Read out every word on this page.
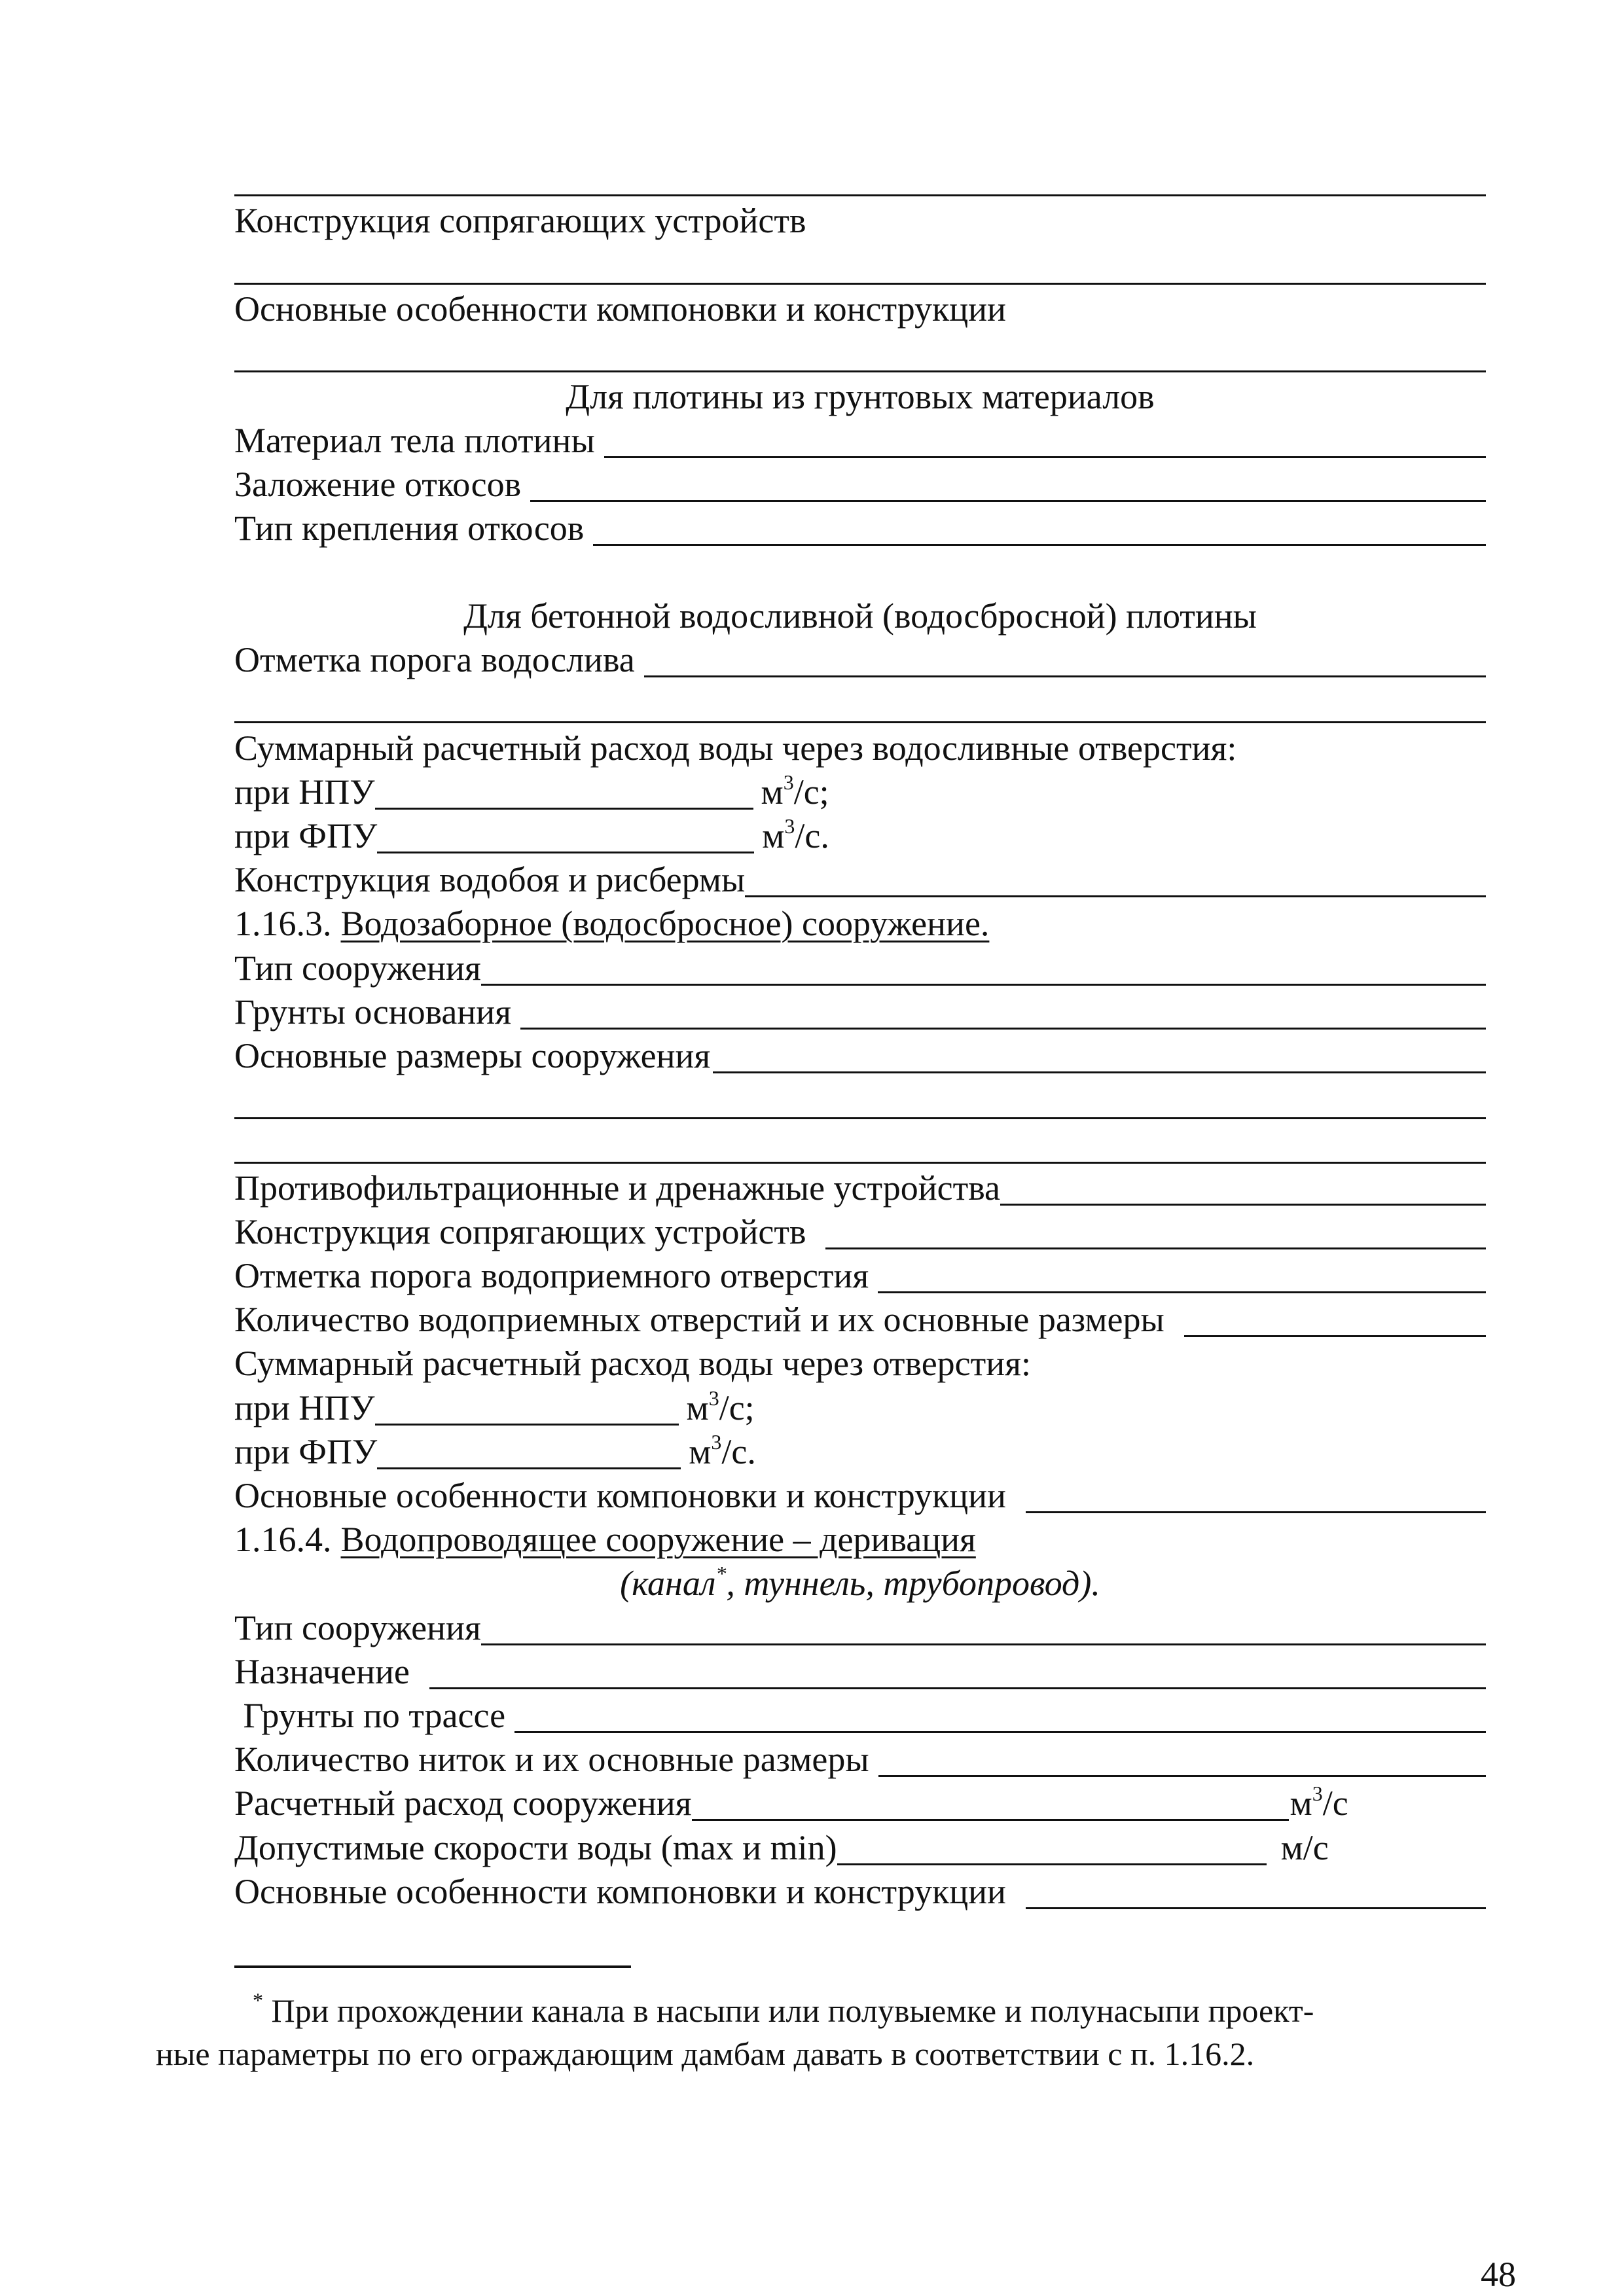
Конструкция сопрягающих устройств
Основные особенности компоновки и конструкции
Для плотины из грунтовых материалов
Материал тела плотины
Заложение откосов
Тип крепления откосов
Для бетонной водосливной (водосбросной) плотины
Отметка порога водослива
Суммарный расчетный расход воды через водосливные отверстия:
при НПУ	$м^3/с$;
при ФПУ	$м^3/с$.
Конструкция водобоя и рисбермы
1.16.3. Водозаборное (водосбросное) сооружение.
Тип сооружения
Грунты основания
Основные размеры сооружения
Противофильтрационные и дренажные устройства
Конструкция сопрягающих устройств
Отметка порога водоприемного отверстия
Количество водоприемных отверстий и их основные размеры
Суммарный расчетный расход воды через отверстия:
при НПУ	$м^3/с$;
при ФПУ	$м^3/с$.
Основные особенности компоновки и конструкции
1.16.4. Водопроводящее сооружение – деривация
(канал*, туннель, трубопровод).
Тип сооружения
Назначение
Грунты по трассе
Количество ниток и их основные размеры
Расчетный расход сооружения	$м^3/с$
Допустимые скорости воды (max и min)	м/с
Основные особенности компоновки и конструкции
* При прохождении канала в насыпи или полувыемке и полунасыпи проект-
ные параметры по его ограждающим дамбам давать в соответствии с п. 1.16.2.
48
